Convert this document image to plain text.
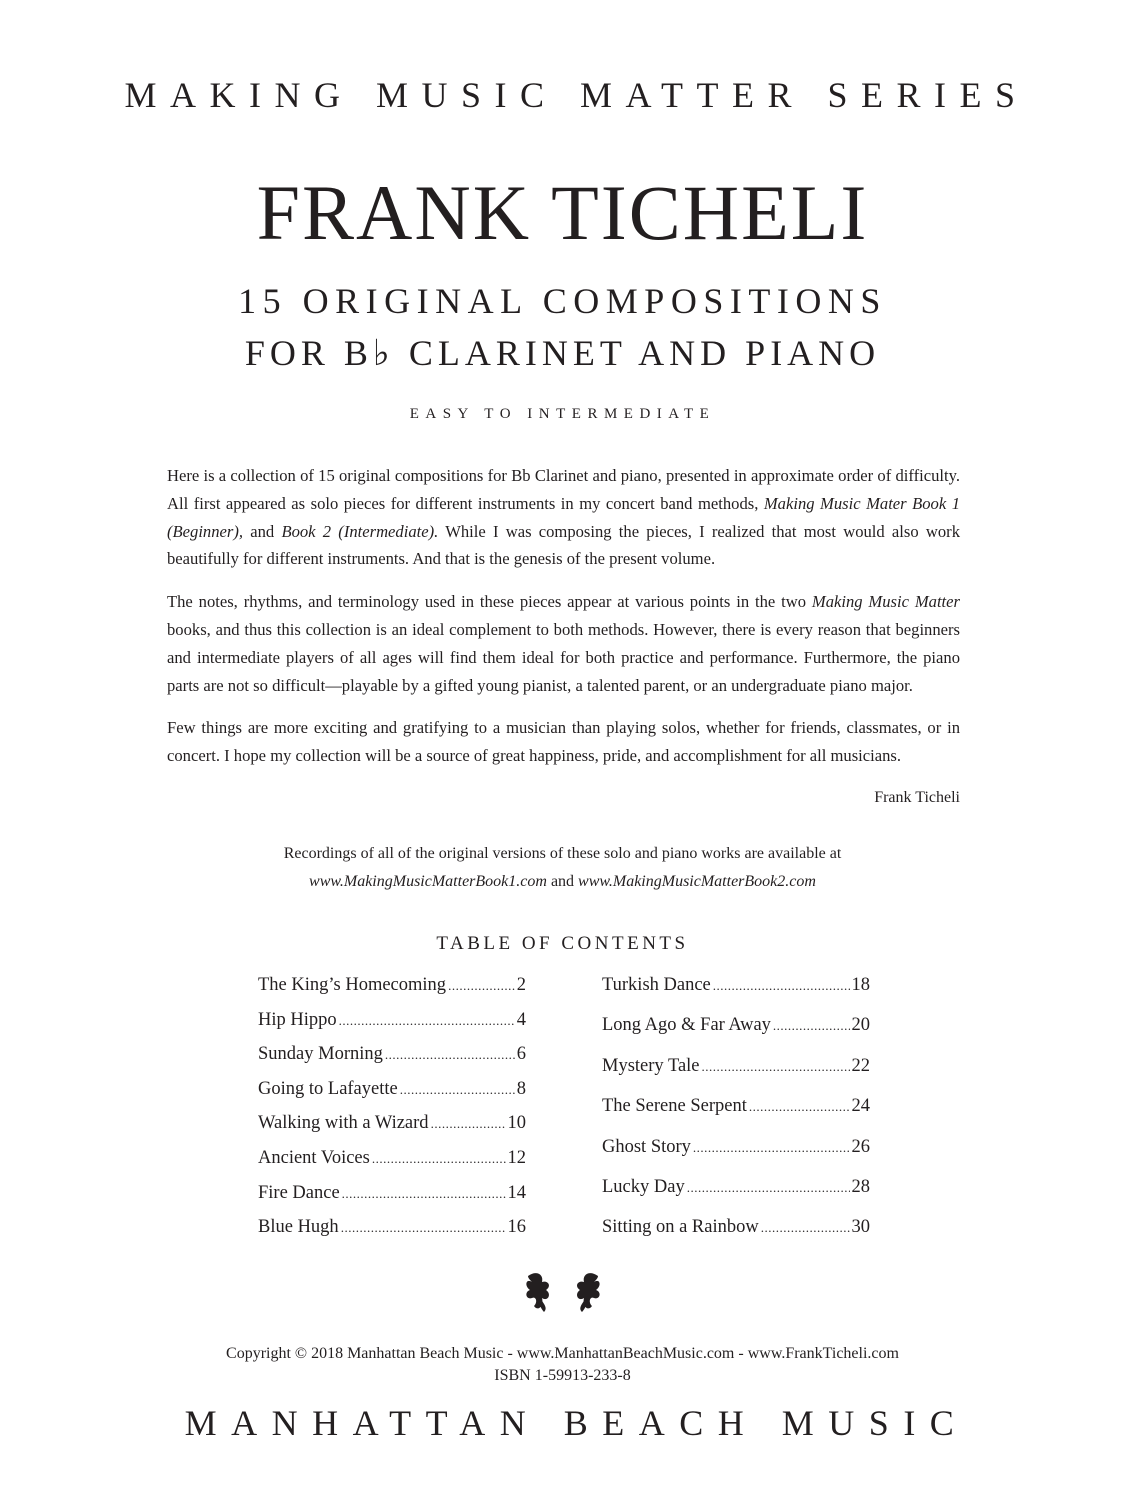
MAKING MUSIC MATTER SERIES
FRANK TICHELI
15 ORIGINAL COMPOSITIONS
FOR B♭ CLARINET AND PIANO
EASY TO INTERMEDIATE

Here is a collection of 15 original compositions for Bb Clarinet and piano, presented in approximate order of difficulty. All first appeared as solo pieces for different instruments in my concert band methods, Making Music Mater Book 1 (Beginner), and Book 2 (Intermediate). While I was composing the pieces, I realized that most would also work beautifully for different instruments. And that is the genesis of the present volume.

The notes, rhythms, and terminology used in these pieces appear at various points in the two Making Music Matter books, and thus this collection is an ideal complement to both methods. However, there is every reason that beginners and intermediate players of all ages will find them ideal for both practice and performance. Furthermore, the piano parts are not so difficult—playable by a gifted young pianist, a talented parent, or an undergraduate piano major.

Few things are more exciting and gratifying to a musician than playing solos, whether for friends, classmates, or in concert. I hope my collection will be a source of great happiness, pride, and accomplishment for all musicians.

Frank Ticheli
Recordings of all of the original versions of these solo and piano works are available at
www.MakingMusicMatterBook1.com and www.MakingMusicMatterBook2.com
TABLE OF CONTENTS
The King’s Homecoming .....	2
Hip Hippo .....	4
Sunday Morning .....	6
Going to Lafayette .....	8
Walking with a Wizard .....	10
Ancient Voices .....	12
Fire Dance .....	14
Blue Hugh .....	16
Turkish Dance .....	18
Long Ago & Far Away .....	20
Mystery Tale .....	22
The Serene Serpent .....	24
Ghost Story .....	26
Lucky Day .....	28
Sitting on a Rainbow .....	30
Copyright © 2018 Manhattan Beach Music - www.ManhattanBeachMusic.com - www.FrankTicheli.com
ISBN 1-59913-233-8
MANHATTAN BEACH MUSIC
